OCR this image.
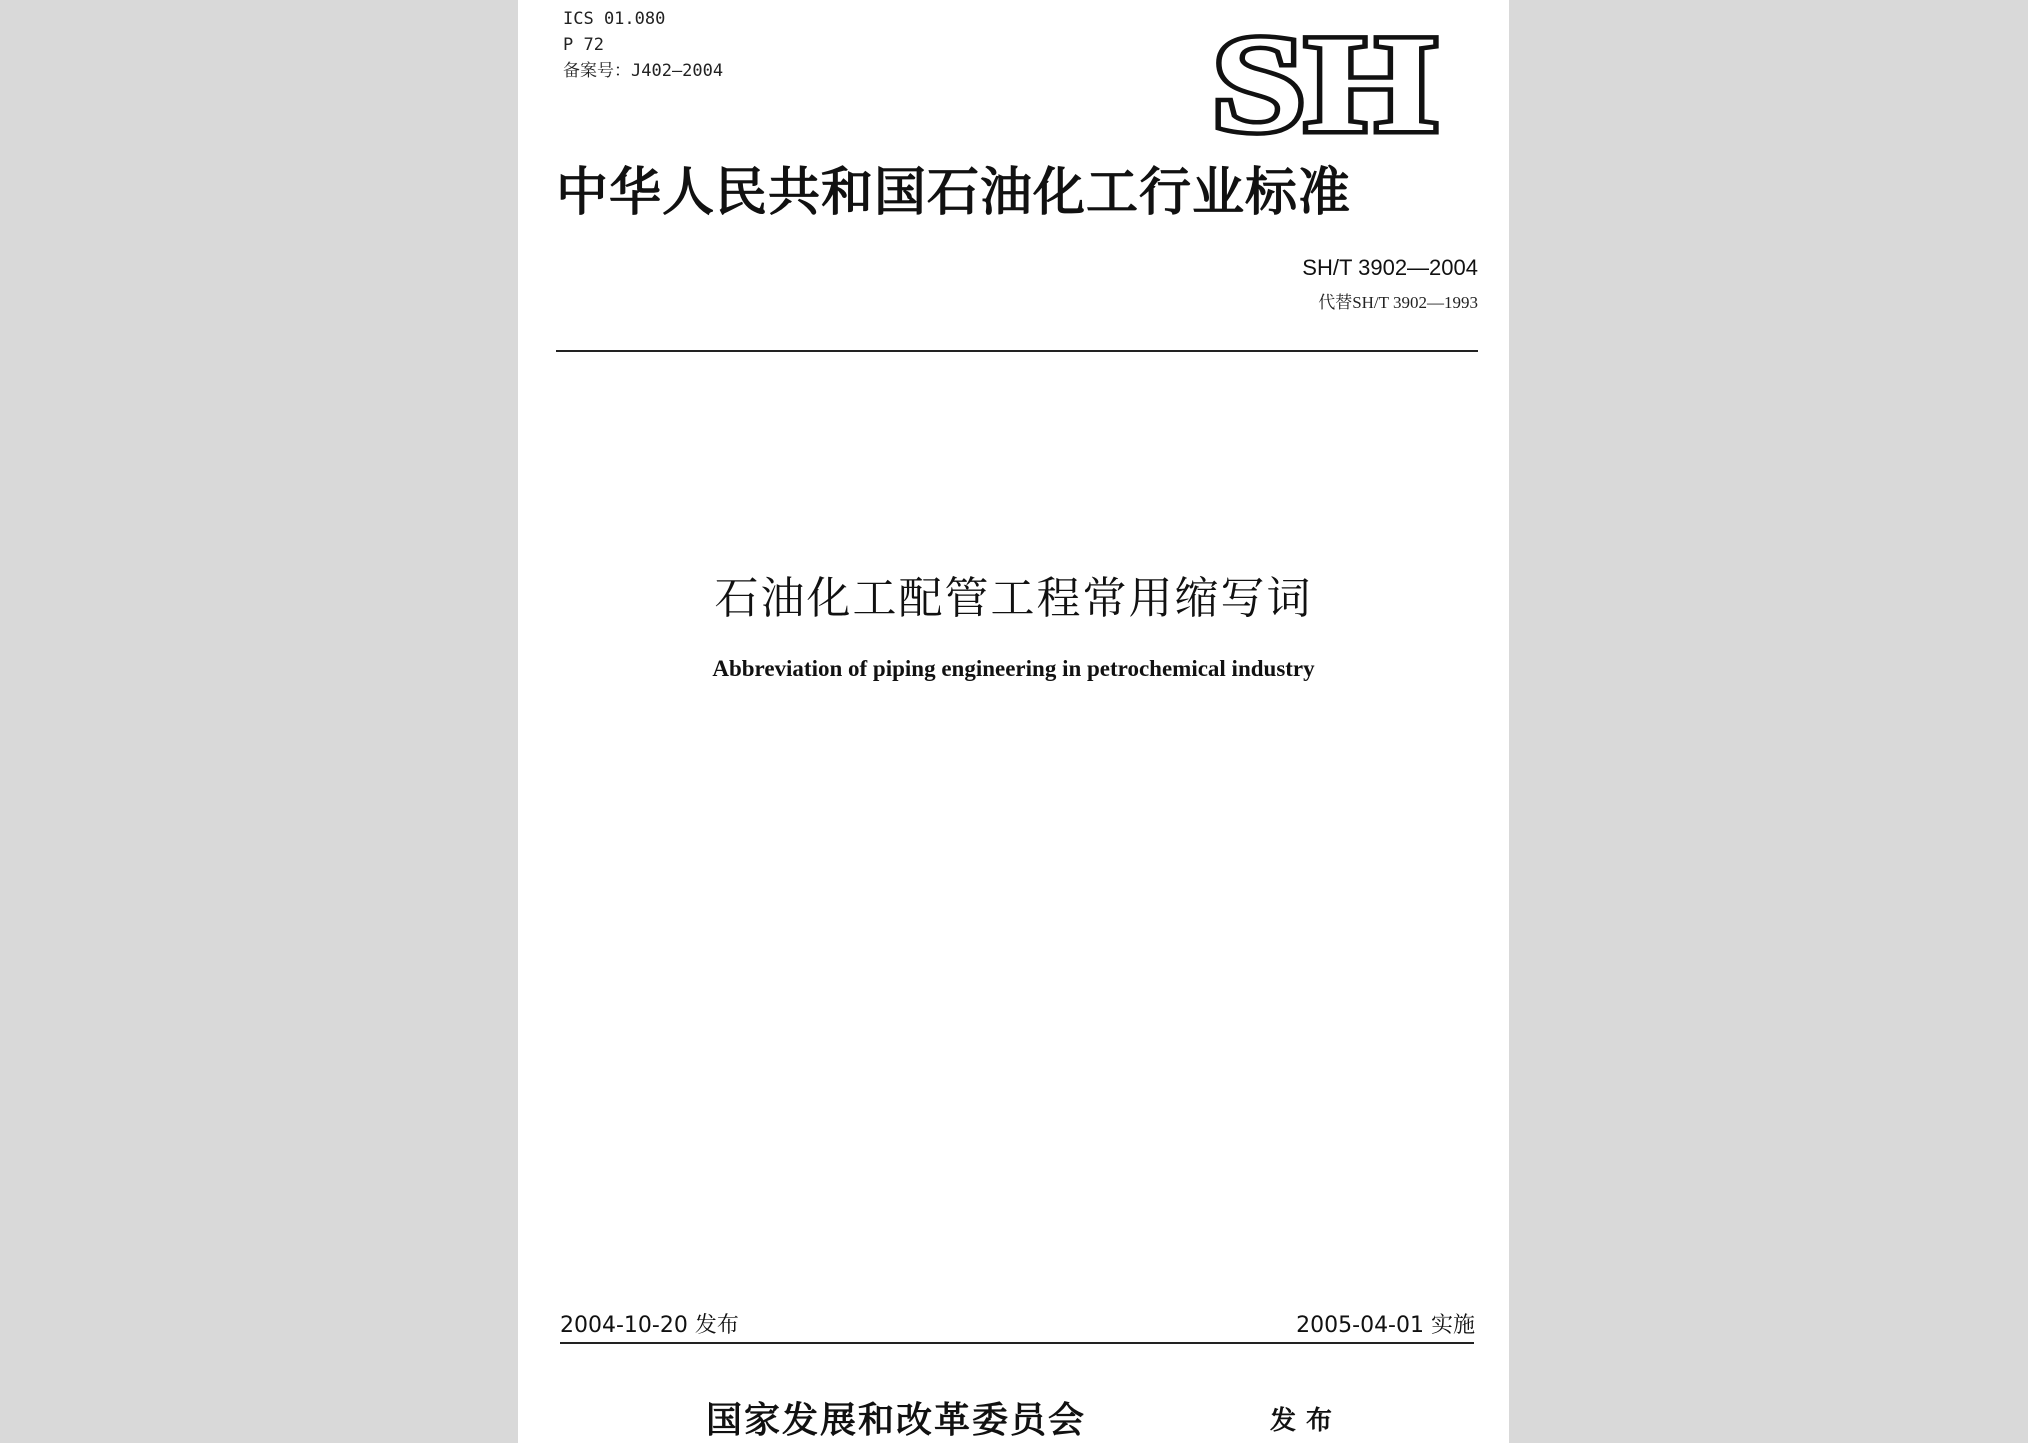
ICS 01.080
P 72
备案号：J402—2004	SH
中华人民共和国石油化工行业标准
SH/T 3902—2004
代替SH/T 3902—1993
石油化工配管工程常用缩写词
Abbreviation of piping engineering in petrochemical industry
2004-10-20 发布	2005-04-01 实施
国家发展和改革委员会	发布
